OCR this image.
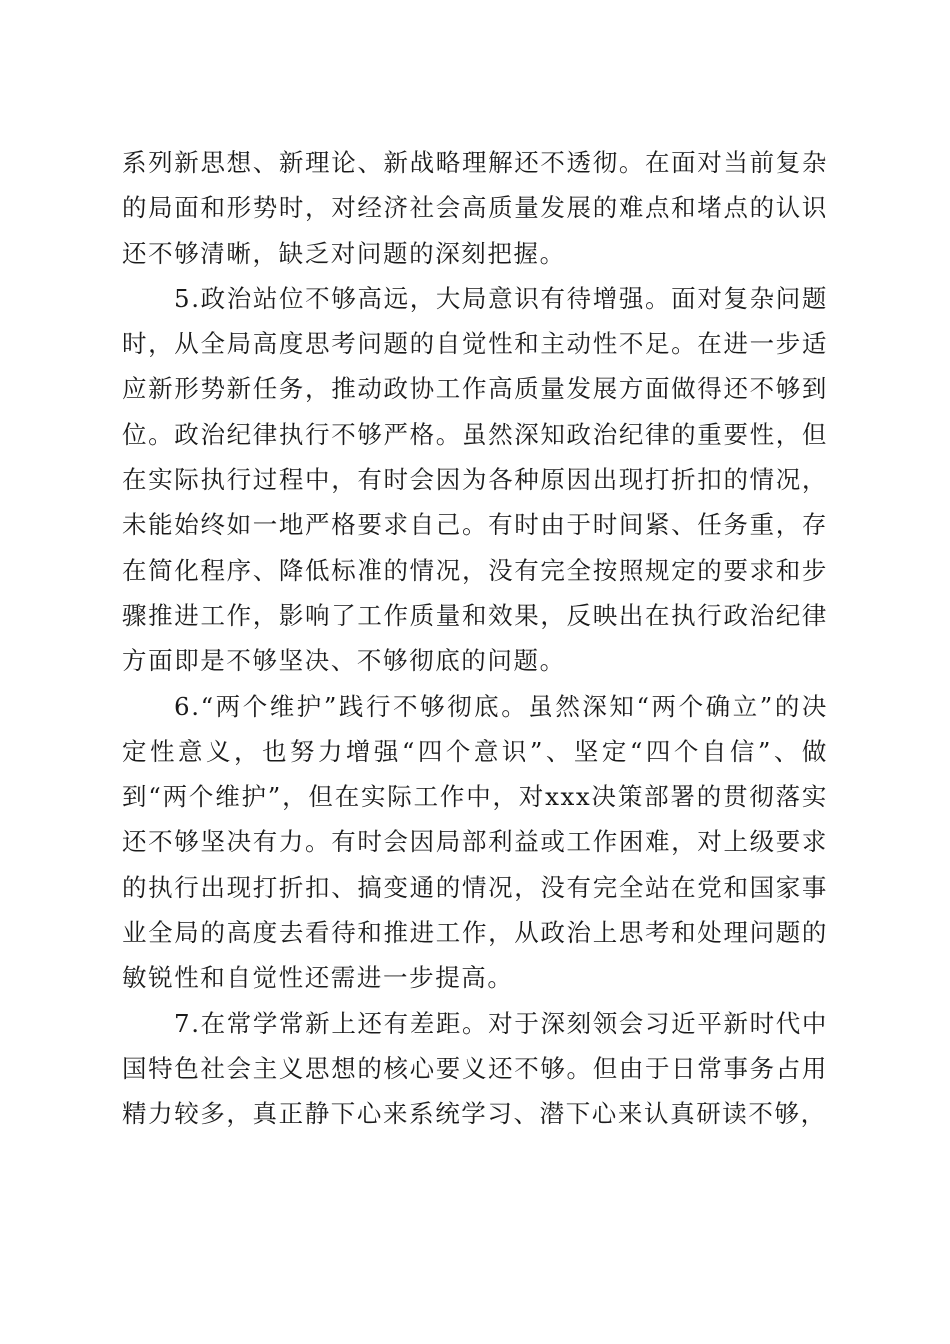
系列新思想、新理论、新战略理解还不透彻。在面对当前复杂的局面和形势时，对经济社会高质量发展的难点和堵点的认识还不够清晰，缺乏对问题的深刻把握。

5.政治站位不够高远，大局意识有待增强。面对复杂问题时，从全局高度思考问题的自觉性和主动性不足。在进一步适应新形势新任务，推动政协工作高质量发展方面做得还不够到位。政治纪律执行不够严格。虽然深知政治纪律的重要性，但在实际执行过程中，有时会因为各种原因出现打折扣的情况，未能始终如一地严格要求自己。有时由于时间紧、任务重，存在简化程序、降低标准的情况，没有完全按照规定的要求和步骤推进工作，影响了工作质量和效果，反映出在执行政治纪律方面即是不够坚决、不够彻底的问题。

6.“两个维护”践行不够彻底。虽然深知“两个确立”的决定性意义，也努力增强“四个意识”、坚定“四个自信”、做到“两个维护”，但在实际工作中，对xxx决策部署的贯彻落实还不够坚决有力。有时会因局部利益或工作困难，对上级要求的执行出现打折扣、搞变通的情况，没有完全站在党和国家事业全局的高度去看待和推进工作，从政治上思考和处理问题的敏锐性和自觉性还需进一步提高。

7.在常学常新上还有差距。对于深刻领会习近平新时代中国特色社会主义思想的核心要义还不够。但由于日常事务占用精力较多，真正静下心来系统学习、潜下心来认真研读不够，
